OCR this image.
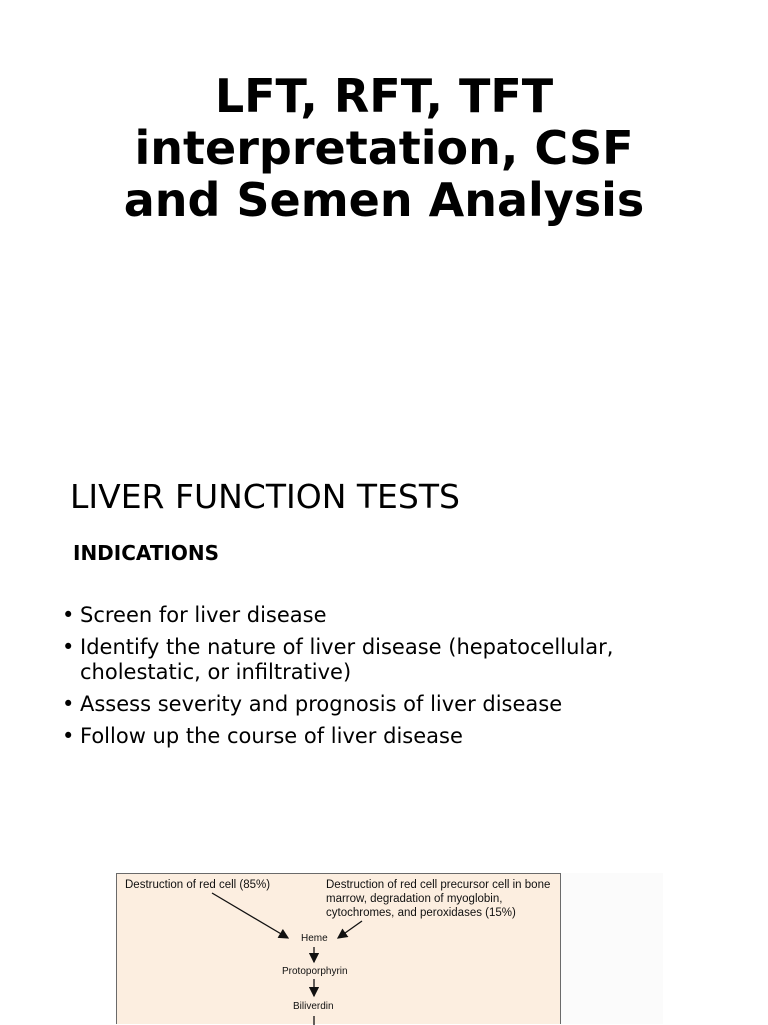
LFT, RFT, TFT
interpretation, CSF
and Semen Analysis
LIVER FUNCTION TESTS
INDICATIONS
• Screen for liver disease
• Identify the nature of liver disease (hepatocellular, cholestatic, or infiltrative)
• Assess severity and prognosis of liver disease
• Follow up the course of liver disease
Destruction of red cell (85%)	Destruction of red cell precursor cell in bone marrow, degradation of myoglobin, cytochromes, and peroxidases (15%)
Heme
Protoporphyrin
Biliverdin
